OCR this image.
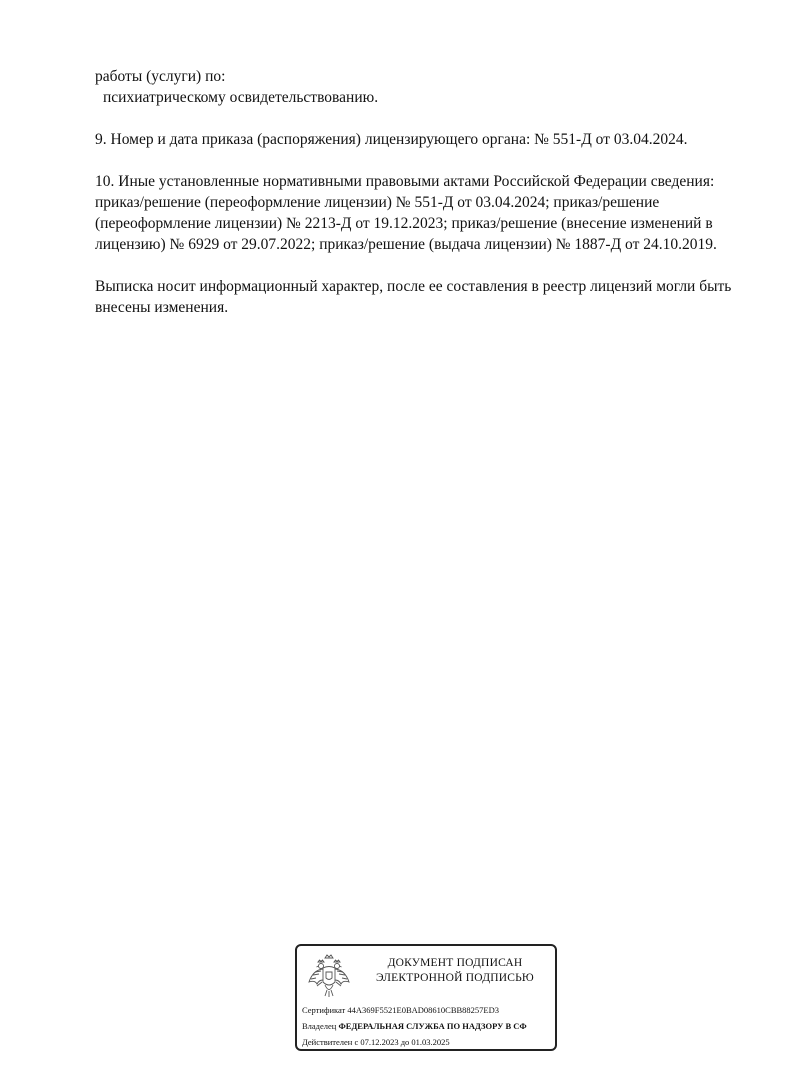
работы (услуги) по:
психиатрическому освидетельствованию.
9. Номер и дата приказа (распоряжения) лицензирующего органа: № 551-Д от 03.04.2024.
10. Иные установленные нормативными правовыми актами Российской Федерации сведения:
приказ/решение (переоформление лицензии) № 551-Д от 03.04.2024; приказ/решение
(переоформление лицензии) № 2213-Д от 19.12.2023; приказ/решение (внесение изменений в
лицензию) № 6929 от 29.07.2022; приказ/решение (выдача лицензии) № 1887-Д от 24.10.2019.
Выписка носит информационный характер, после ее составления в реестр лицензий могли быть
внесены изменения.
ДОКУМЕНТ ПОДПИСАН
ЭЛЕКТРОННОЙ ПОДПИСЬЮ
Сертификат 44A369F5521E0BAD08610CBB88257ED3
Владелец ФЕДЕРАЛЬНАЯ СЛУЖБА ПО НАДЗОРУ В СФ
Действителен с 07.12.2023 до 01.03.2025
